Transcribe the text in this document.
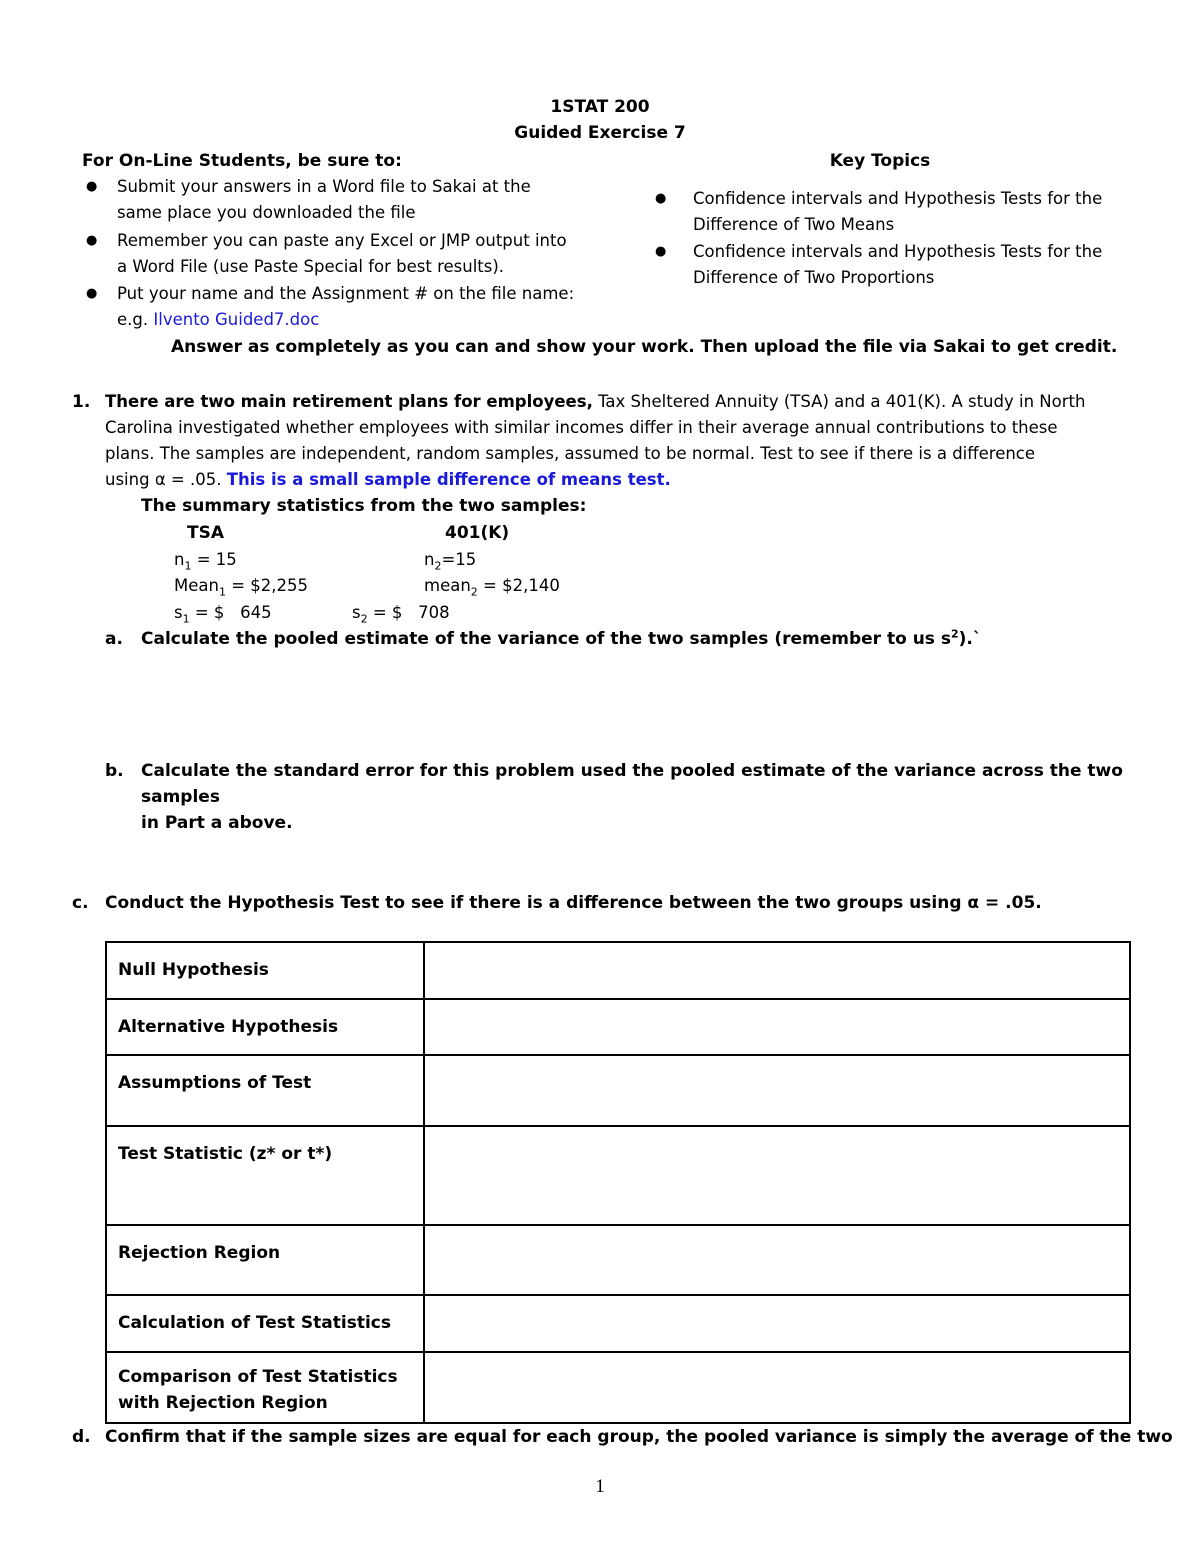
1STAT 200
Guided Exercise 7
For On-Line Students, be sure to:
● Submit your answers in a Word file to Sakai at the
same place you downloaded the file
● Remember you can paste any Excel or JMP output into
a Word File (use Paste Special for best results).
● Put your name and the Assignment # on the file name:
e.g. Ilvento Guided7.doc
Key Topics
● Confidence intervals and Hypothesis Tests for the
Difference of Two Means
● Confidence intervals and Hypothesis Tests for the
Difference of Two Proportions
Answer as completely as you can and show your work. Then upload the file via Sakai to get credit.
1. There are two main retirement plans for employees, Tax Sheltered Annuity (TSA) and a 401(K). A study in North
Carolina investigated whether employees with similar incomes differ in their average annual contributions to these
plans. The samples are independent, random samples, assumed to be normal. Test to see if there is a difference
using α = .05. This is a small sample difference of means test.
The summary statistics from the two samples:
TSA	401(K)
$n_1 = 15$	$n_2=15$
Mean$_1$ = $2,255	mean$_2$ = $2,140
$s_1$ = $   645	$s_2$ = $   708
a. Calculate the pooled estimate of the variance of the two samples (remember to us $s^2).`$
b. Calculate the standard error for this problem used the pooled estimate of the variance across the two samples
in Part a above.
c. Conduct the Hypothesis Test to see if there is a difference between the two groups using α = .05.
Null Hypothesis	
Alternative Hypothesis	
Assumptions of Test	
Test Statistic (z* or t*)	
Rejection Region	
Calculation of Test Statistics	
Comparison of Test Statistics with Rejection Region	
d. Confirm that if the sample sizes are equal for each group, the pooled variance is simply the average of the two
1
